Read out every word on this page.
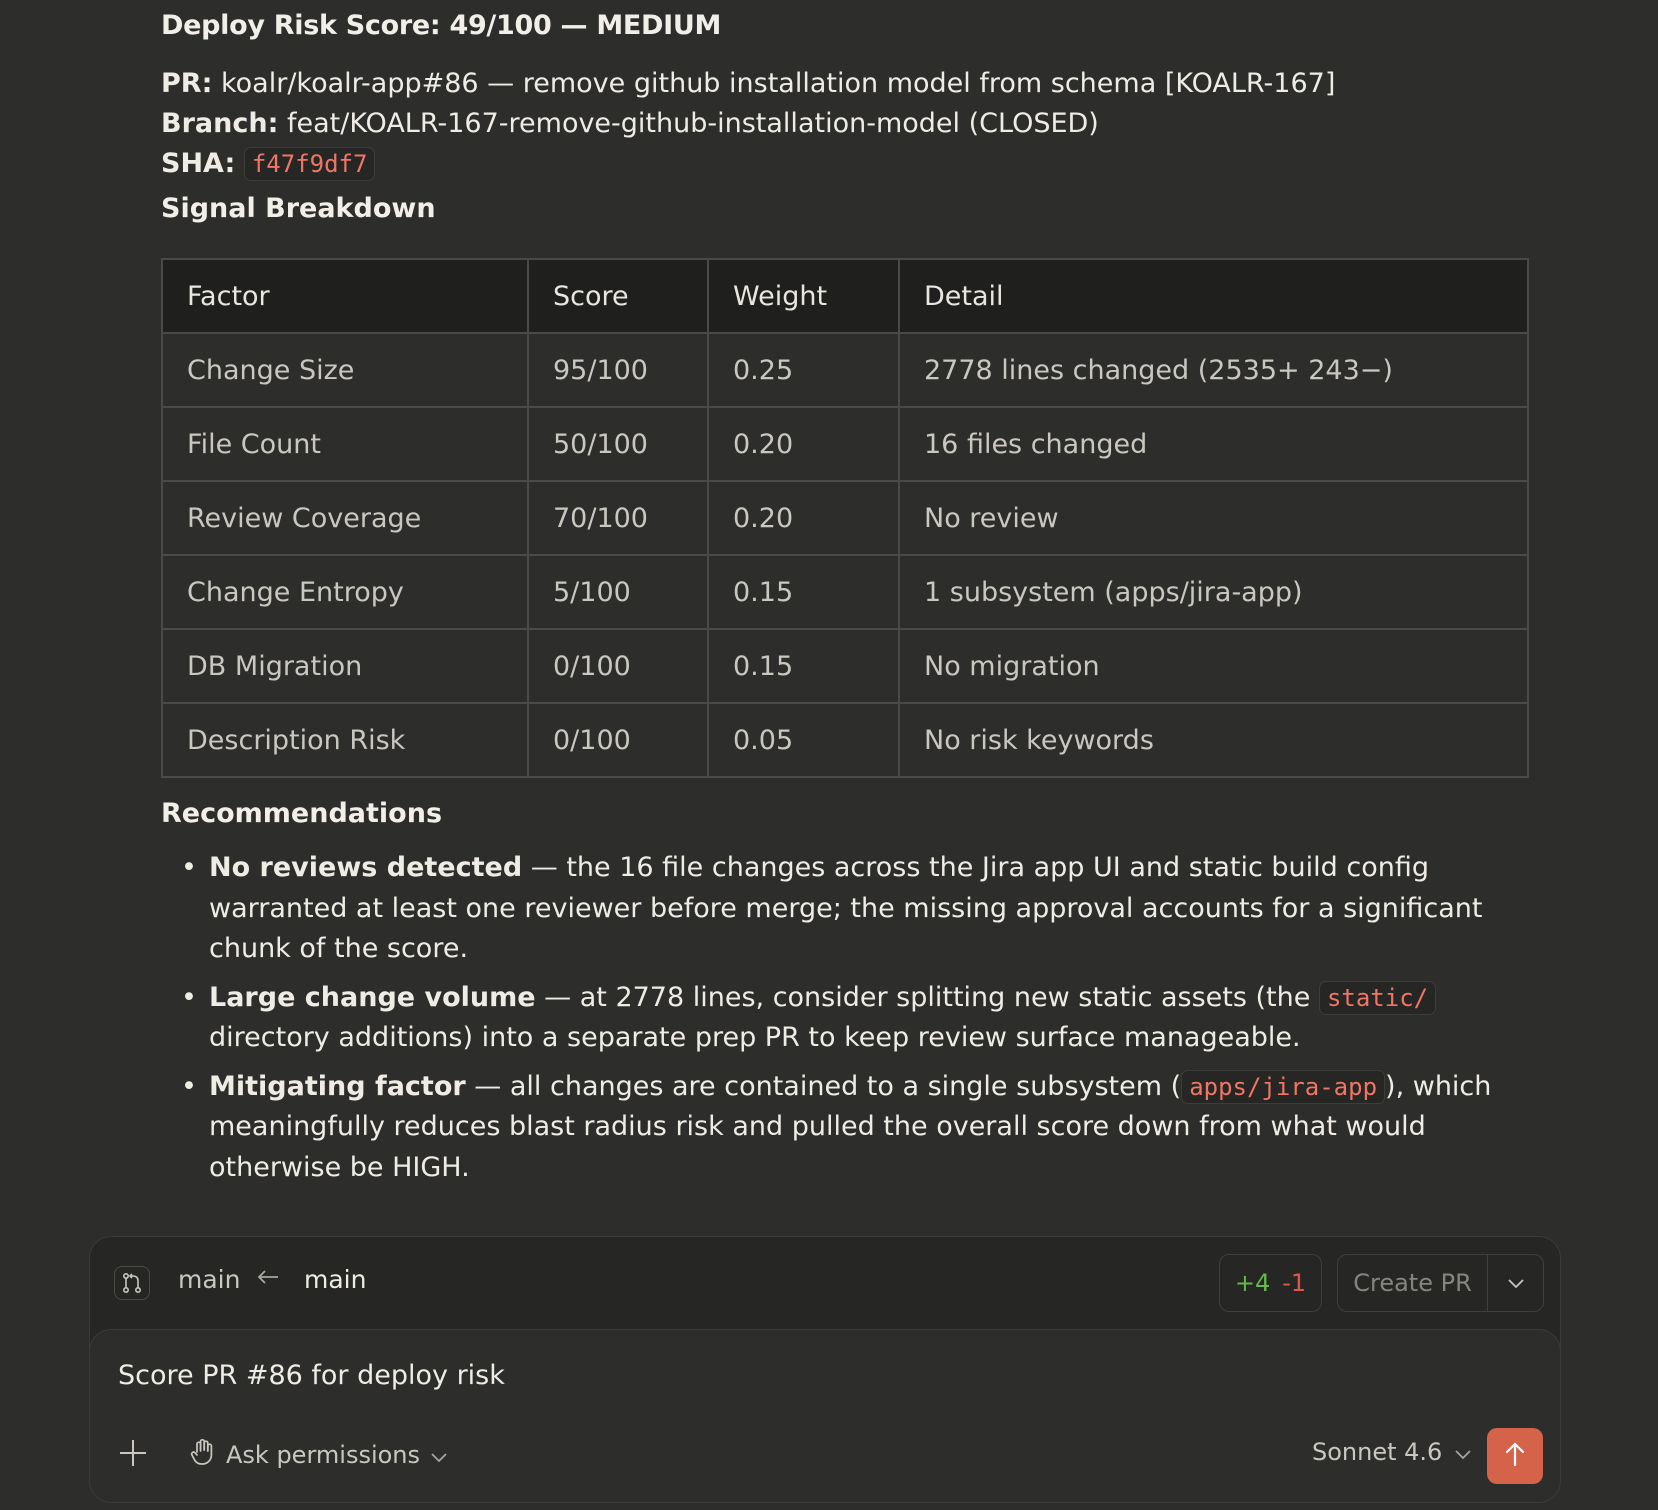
Deploy Risk Score: 49/100 — MEDIUM
PR: koalr/koalr-app#86 — remove github installation model from schema [KOALR-167]
Branch: feat/KOALR-167-remove-github-installation-model (CLOSED)
SHA: f47f9df7
Signal Breakdown
Factor	Score	Weight	Detail
Change Size	95/100	0.25	2778 lines changed (2535+ 243−)
File Count	50/100	0.20	16 files changed
Review Coverage	70/100	0.20	No review
Change Entropy	5/100	0.15	1 subsystem (apps/jira-app)
DB Migration	0/100	0.15	No migration
Description Risk	0/100	0.05	No risk keywords
Recommendations
• No reviews detected — the 16 file changes across the Jira app UI and static build config warranted at least one reviewer before merge; the missing approval accounts for a significant chunk of the score.
• Large change volume — at 2778 lines, consider splitting new static assets (the static/ directory additions) into a separate prep PR to keep review surface manageable.
• Mitigating factor — all changes are contained to a single subsystem ( apps/jira-app ), which meaningfully reduces blast radius risk and pulled the overall score down from what would otherwise be HIGH.
main	main	+4 -1	Create PR
Score PR #86 for deploy risk
Ask permissions	Sonnet 4.6
